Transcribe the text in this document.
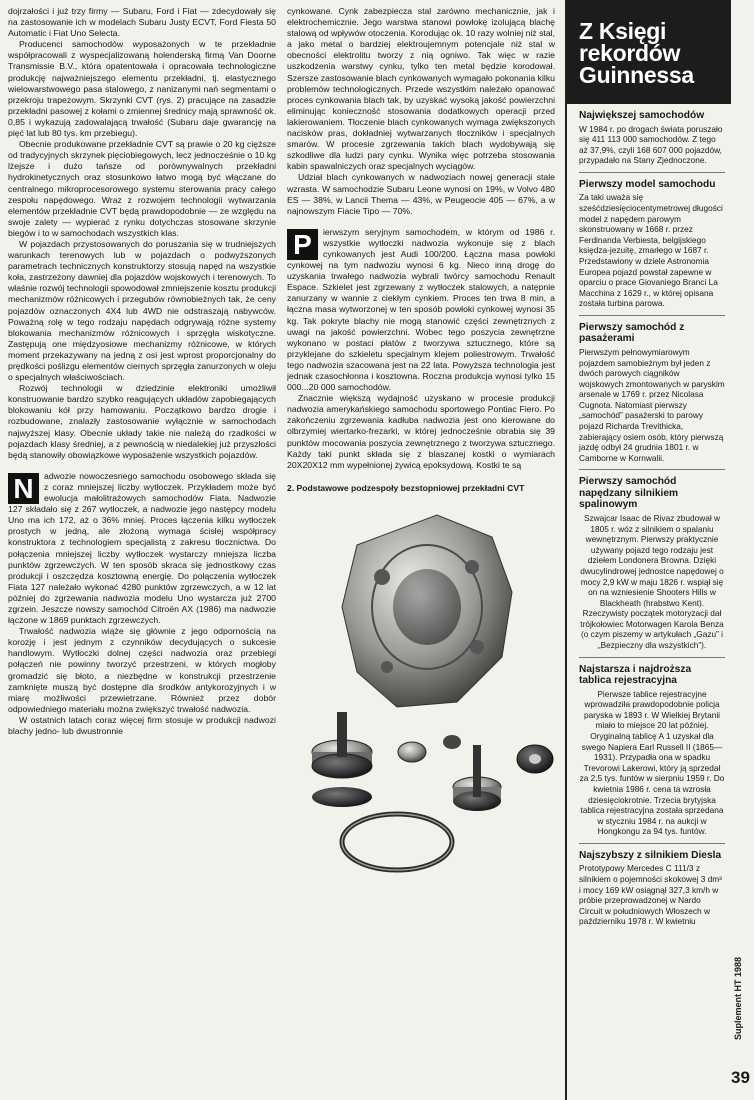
dojrzałości i już trzy firmy — Subaru, Ford i Fiat — zdecydowały się na zastosowanie ich w modelach Subaru Justy ECVT, Ford Fiesta 50 Automatic i Fiat Uno Selecta.

Producenci samochodów wyposażonych w te przekładnie współpracowali z wyspecjalizowaną holenderską firmą Van Doorne Transmissie B.V., która opatentowała i opracowała technologiczne produkcję najważniejszego elementu przekładni, tj. elastycznego wielowarstwowego pasa stalowego, z nanizanymi nań segmentami o przekroju trapezowym. Skrzynki CVT (rys. 2) pracujące na zasadzie przekładni pasowej z kołami o zmiennej średnicy mają sprawność ok. 0,85 i wykazują zadowalającą trwałość (Subaru daje gwarancję na pięć lat lub 80 tys. km przebiegu).

Obecnie produkowane przekładnie CVT są prawie o 20 kg cięższe od tradycyjnych skrzynek pięciobiegowych, lecz jednocześnie o 10 kg lżejsze i dużo tańsze od porównywalnych przekładni hydrokinetycznych oraz stosunkowo łatwo mogą być włączane do centralnego mikroprocesorowego systemu sterowania pracy całego zespołu napędowego. Wraz z rozwojem technologii wytwarzania elementów przekładnie CVT będą prawdopodobnie — ze względu na swoje zalety — wypierać z rynku dotychczas stosowane skrzynie biegów i to w samochodach wszystkich klas.

W pojazdach przystosowanych do poruszania się w trudniejszych warunkach terenowych lub w pojazdach o podwyższonych parametrach technicznych konstruktorzy stosują napęd na wszystkie koła, zastrzeżony dawniej dla pojazdów wojskowych i terenowych. To właśnie rozwój technologii spowodował zmniejszenie kosztu produkcji mechanizmów różnicowych i przegubów równobieżnych tak, że ceny pojazdów oznaczonych 4X4 lub 4WD nie odstraszają nabywców. Poważną rolę w tego rodzaju napędach odgrywają różne systemy blokowania mechanizmów różnicowych i sprzęgła wiskotyczne. Zastępują one międzyosiowe mechanizmy różnicowe, w których moment przekazywany na jedną z osi jest wprost proporcjonalny do prędkości poślizgu elementów ciernych sprzęgła zanurzonych w oleju o specjalnych właściwościach.

Rozwój technologii w dziedzinie elektroniki umożliwił konstruowanie bardzo szybko reagujących układów zapobiegających blokowaniu kół przy hamowaniu. Początkowo bardzo drogie i rozbudowane, znalazły zastosowanie wyłącznie w samochodach najwyższej klasy. Obecnie układy takie nie należą do rzadkości w pojazdach klasy średniej, a z pewnością w niedalekiej już przyszłości będą stanowiły obowiązkowe wyposażenie wszystkich pojazdów.

N	adwozie nowoczesnego samochodu osobowego składa się z coraz mniejszej liczby wytłoczek. Przykładem może być ewolucja małolitrażowych samochodów Fiata. Nadwozie 127 składało się z 267 wytłoczek, a nadwozie jego następcy modelu Uno ma ich 172, aż o 36% mniej. Proces łączenia kilku wytłoczek prostych w jedną, ale złożoną wymaga ścisłej współpracy konstruktora z technologiem specjalistą z zakresu tłocznictwa. Do połączenia mniejszej liczby wytłoczek wystarczy mniejsza liczba punktów zgrzewczych. W ten sposób skraca się jednostkowy czas produkcji i oszczędza kosztowną energię. Do połączenia wytłoczek Fiata 127 należało wykonać 4280 punktów zgrzewczych, a w 12 lat później do zgrzewania nadwozia modelu Uno wystarcza już 2700 zgrzein. Jeszcze nowszy samochód Citroën AX (1986) ma nadwozie łączone w 1869 punktach zgrzewczych.

Trwałość nadwozia wiąże się głównie z jego odpornością na korozję i jest jednym z czynników decydujących o sukcesie handlowym. Wytłoczki dolnej części nadwozia oraz przebiegi połączeń nie powinny tworzyć przestrzeni, w których mogłoby gromadzić się błoto, a niezbędne w konstrukcji przestrzenie zamknięte muszą być dostępne dla środków antykorozyjnych i w miarę możliwości przewietrzane. Również przez dobór odpowiedniego materiału można zwiększyć trwałość nadwozia.

W ostatnich latach coraz więcej firm stosuje w produkcji nadwozi blachy jedno- lub dwustronnie

cynkowane. Cynk zabezpiecza stal zarówno mechanicznie, jak i elektrochemicznie. Jego warstwa stanowi powłokę izolującą blachę stalową od wpływów otoczenia. Korodując ok. 10 razy wolniej niż stal, a jako metal o bardziej elektroujemnym potencjale niż stal w obecności elektrolitu tworzy z nią ogniwo. Tak więc w razie uszkodzenia warstwy cynku, tylko ten metal będzie korodował. Szersze zastosowanie blach cynkowanych wymagało pokonania kilku problemów technologicznych. Przede wszystkim należało opanować proces cynkowania blach tak, by uzyskać wysoką jakość powierzchni eliminując konieczność stosowania dodatkowych operacji przed lakierowaniem. Tłoczenie blach cynkowanych wymaga zwiększonych nacisków pras, dokładniej wytwarzanych tłoczników i specjalnych smarów. W procesie zgrzewania takich blach wydobywają się szkodliwe dla ludzi pary cynku. Wynika więc potrzeba stosowania kabin spawalniczych oraz specjalnych wyciągów.

Udział blach cynkowanych w nadwoziach nowej generacji stale wzrasta. W samochodzie Subaru Leone wynosi on 19%, w Volvo 480 ES — 38%, w Lancii Thema — 43%, w Peugeocie 405 — 67%, a w najnowszym Fiacie Tipo — 70%.

P	ierwszym seryjnym samochodem, w którym od 1986 r. wszystkie wytłoczki nadwozia wykonuje się z blach cynkowanych jest Audi 100/200. Łączna masa powłoki cynkowej na tym nadwoziu wynosi 6 kg. Nieco inną drogę do uzyskania trwałego nadwozia wybrali twórcy samochodu Renault Espace. Szkielet jest zgrzewany z wytłoczek stalowych, a natępnie zanurzany w wannie z ciekłym cynkiem. Proces ten trwa 8 min, a łączna masa wytworzonej w ten sposób powłoki cynkowej wynosi 35 kg. Tak pokryte blachy nie mogą stanowić części zewnętrznych z uwagi na jakość powierzchni. Wobec tego poszycia zewnętrzne wykonano w postaci płatów z tworzywa sztucznego, które są przyklejane do szkieletu specjalnym klejem poliestrowym. Trwałość tego nadwozia szacowana jest na 22 lata. Powyższa technologia jest jednak czasochłonna i kosztowna. Roczna produkcja wynosi tylko 15 000...20 000 samochodów.

Znacznie większą wydajność uzyskano w procesie produkcji nadwozia amerykańskiego samochodu sportowego Pontiac Fiero. Po zakończeniu zgrzewania kadłuba nadwozia jest ono kierowane do olbrzymiej wiertarko-frezarki, w której jednocześnie obrabia się 39 punktów mocowania poszycia zewnętrznego z tworzywa sztucznego. Każdy taki punkt składa się z blaszanej kostki o wymiarach 20X20X12 mm wypełnionej żywicą epoksydową. Kostki te są

2. Podstawowe podzespoły bezstopniowej przekładni CVT
Z Księgi rekordów Guinnessa
Największej samochodów
W 1984 r. po drogach świata poruszało się 411 113 000 samochodów. Z tego aż 37,9%, czyli 168 607 000 pojazdów, przypadało na Stany Zjednoczone.
Pierwszy model samochodu
Za taki uważa się sześćdziesięciocentymetrowej długości model z napędem parowym skonstruowany w 1668 r. przez Ferdinanda Verbiesta, belgijskiego księdza-jezuitę, zmarłego w 1687 r. Przedstawiony w dziele Astronomia Europea pojazd powstał zapewne w oparciu o prace Giovaniego Branci La Macchina z 1629 r., w której opisana została turbina parowa.
Pierwszy samochód z pasażerami
Pierwszym pełnowymiarowym pojazdem samobieżnym był jeden z dwóch parowych ciągników wojskowych zmontowanych w paryskim arsenale w 1769 r. przez Nicolasa Cugnota. Natomiast pierwszy „samochód” pasażerski to parowy pojazd Richarda Trevithicka, zabierający osiem osób, który pierwszą jazdę odbył 24 grudnia 1801 r. w Camborne w Kornwalii.
Pierwszy samochód napędzany silnikiem spalinowym
Szwajcar Isaac de Rivaz zbudował w 1805 r. wóz z silnikiem o spalaniu wewnętrznym. Pierwszy praktycznie używany pojazd tego rodzaju jest dziełem Londonera Browna. Dzięki dwucylindrowej jednostce napędowej o mocy 2,9 kW w maju 1826 r. wspiął się on na wzniesienie Shooters Hills w Blackheath (hrabstwo Kent). Rzeczywisty początek motoryzacji dał trójkołowiec Motorwagen Karola Benza (o czym piszemy w artykułach „Gazu” i „Bezpieczny dla wszystkich”).
Najstarsza i najdroższa tablica rejestracyjna
Pierwsze tablice rejestracyjne wprowadziła prawdopodobnie policja paryska w 1893 r. W Wielkiej Brytanii miało to miejsce 20 lat później. Oryginalną tablicę A 1 uzyskał dla swego Napiera Earl Russell II (1865—1931). Przypadła ona w spadku Trevorowi Lakerowi, który ją sprzedał za 2,5 tys. funtów w sierpniu 1959 r. Do kwietnia 1986 r. cena ta wzrosła dziesięciokrotnie. Trzecia brytyjska tablica rejestracyjna została sprzedana w styczniu 1984 r. na aukcji w Hongkongu za 94 tys. funtów.
Najszybszy z silnikiem Diesla
Prototypowy Mercedes C 111/3 z silnikiem o pojemności skokowej 3 dm³ i mocy 169 kW osiągnął 327,3 km/h w próbie przeprowadzonej w Nardo Circuit w południowych Włoszech w październiku 1978 r. W kwietniu
Suplement HT 1988
39
